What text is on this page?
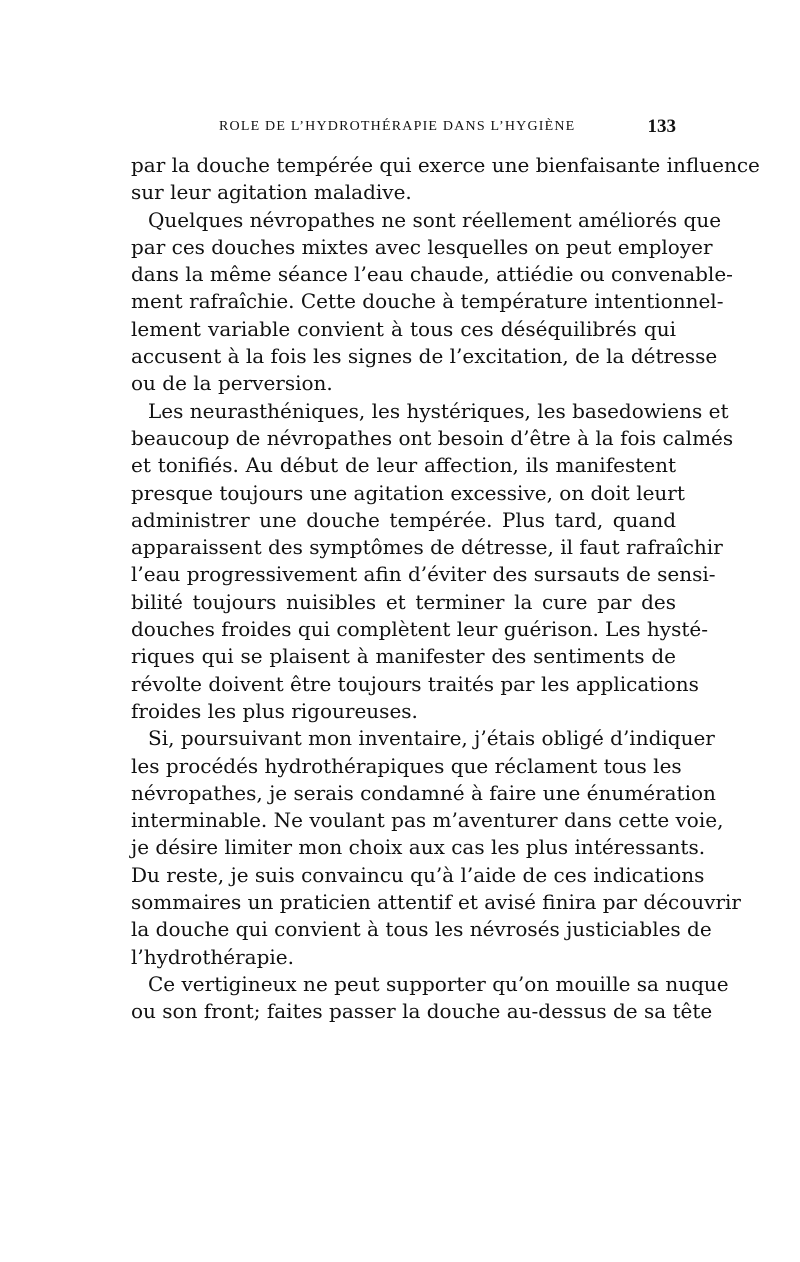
ROLE DE L’HYDROTHÉRAPIE DANS L’HYGIÈNE	133
par la douche tempérée qui exerce une bienfaisante influence
sur leur agitation maladive.
Quelques névropathes ne sont réellement améliorés que
par ces douches mixtes avec lesquelles on peut employer
dans la même séance l’eau chaude, attiédie ou convenable-
ment rafraîchie. Cette douche à température intentionnel-
lement variable convient à tous ces déséquilibrés qui
accusent à la fois les signes de l’excitation, de la détresse
ou de la perversion.
Les neurasthéniques, les hystériques, les basedowiens et
beaucoup de névropathes ont besoin d’être à la fois calmés
et tonifiés. Au début de leur affection, ils manifestent
presque toujours une agitation excessive, on doit leurt
administrer une douche tempérée. Plus tard, quand
apparaissent des symptômes de détresse, il faut rafraîchir
l’eau progressivement afin d’éviter des sursauts de sensi-
bilité toujours nuisibles et terminer la cure par des
douches froides qui complètent leur guérison. Les hysté-
riques qui se plaisent à manifester des sentiments de
révolte doivent être toujours traités par les applications
froides les plus rigoureuses.
Si, poursuivant mon inventaire, j’étais obligé d’indiquer
les procédés hydrothérapiques que réclament tous les
névropathes, je serais condamné à faire une énumération
interminable. Ne voulant pas m’aventurer dans cette voie,
je désire limiter mon choix aux cas les plus intéressants.
Du reste, je suis convaincu qu’à l’aide de ces indications
sommaires un praticien attentif et avisé finira par découvrir
la douche qui convient à tous les névrosés justiciables de
l’hydrothérapie.
Ce vertigineux ne peut supporter qu’on mouille sa nuque
ou son front; faites passer la douche au-dessus de sa tête
